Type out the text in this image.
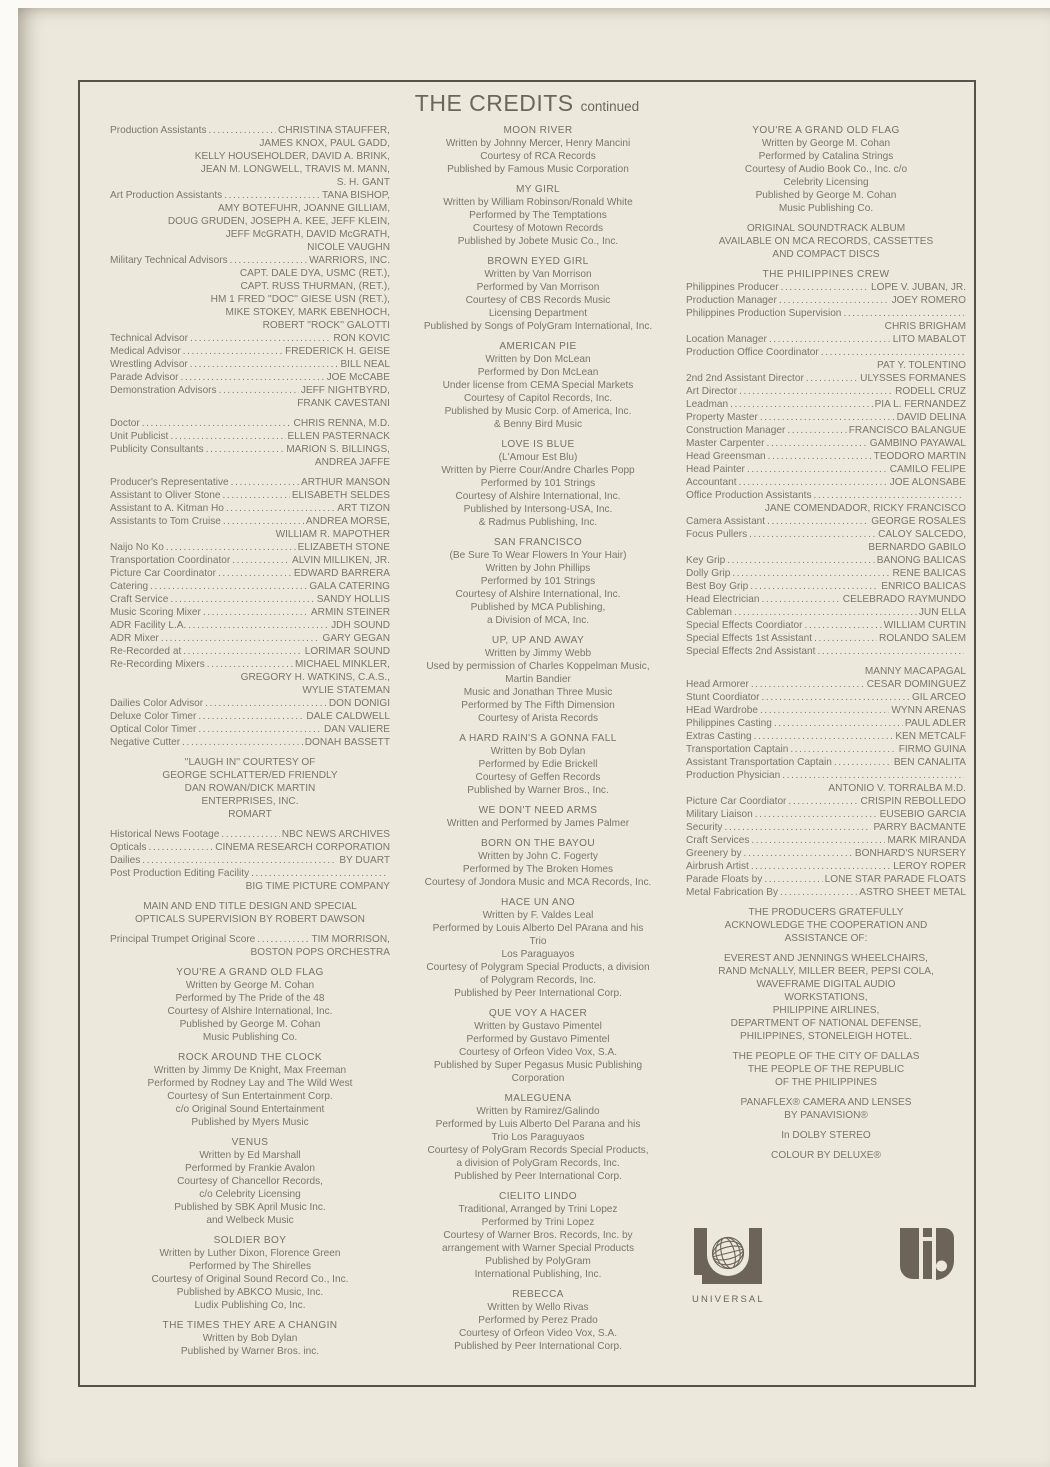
THE CREDITS continued
Production Assistants .....	CHRISTINA STAUFFER,
JAMES KNOX, PAUL GADD,
KELLY HOUSEHOLDER, DAVID A. BRINK,
JEAN M. LONGWELL, TRAVIS M. MANN,
S. H. GANT
Art Production Assistants .....	TANA BISHOP,
AMY BOTEFUHR, JOANNE GILLIAM,
DOUG GRUDEN, JOSEPH A. KEE, JEFF KLEIN,
JEFF McGRATH, DAVID McGRATH,
NICOLE VAUGHN
Military Technical Advisors .....	WARRIORS, INC.
CAPT. DALE DYA, USMC (RET.),
CAPT. RUSS THURMAN, (RET.),
HM 1 FRED ''DOC'' GIESE USN (RET.),
MIKE STOKEY, MARK EBENHOCH,
ROBERT ''ROCK'' GALOTTI
Technical Advisor .....	RON KOVIC
Medical Advisor .....	FREDERICK H. GEISE
Wrestling Advisor .....	BILL NEAL
Parade Advisor .....	JOE McCABE
Demonstration Advisors .....	JEFF NIGHTBYRD,
FRANK CAVESTANI
Doctor .....	CHRIS RENNA, M.D.
Unit Publicist .....	ELLEN PASTERNACK
Publicity Consultants .....	MARION S. BILLINGS,
ANDREA JAFFE
Producer's Representative .....	ARTHUR MANSON
Assistant to Oliver Stone .....	ELISABETH SELDES
Assistant to A. Kitman Ho .....	ART TIZON
Assistants to Tom Cruise .....	ANDREA MORSE,
WILLIAM R. MAPOTHER
Naijo No Ko .....	ELIZABETH STONE
Transportation Coordinator .....	ALVIN MILLIKEN, JR.
Picture Car Coordinator .....	EDWARD BARRERA
Catering .....	GALA CATERING
Craft Service .....	SANDY HOLLIS
Music Scoring Mixer .....	ARMIN STEINER
ADR Facility L.A. .....	JDH SOUND
ADR Mixer .....	GARY GEGAN
Re-Recorded at .....	LORIMAR SOUND
Re-Recording Mixers .....	MICHAEL MINKLER,
GREGORY H. WATKINS, C.A.S.,
WYLIE STATEMAN
Dailies Color Advisor .....	DON DONIGI
Deluxe Color Timer .....	DALE CALDWELL
Optical Color Timer .....	DAN VALIERE
Negative Cutter .....	DONAH BASSETT
''LAUGH IN'' COURTESY OF
GEORGE SCHLATTER/ED FRIENDLY
DAN ROWAN/DICK MARTIN
ENTERPRISES, INC.
ROMART
Historical News Footage .....	NBC NEWS ARCHIVES
Opticals .....	CINEMA RESEARCH CORPORATION
Dailies .....	BY DUART
Post Production Editing Facility
.....
BIG TIME PICTURE COMPANY
MAIN AND END TITLE DESIGN AND SPECIAL
OPTICALS SUPERVISION BY ROBERT DAWSON
Principal Trumpet Original Score .....	TIM MORRISON,
BOSTON POPS ORCHESTRA
YOU'RE A GRAND OLD FLAG
Written by George M. Cohan
Performed by The Pride of the 48
Courtesy of Alshire International, Inc.
Published by George M. Cohan
Music Publishing Co.
ROCK AROUND THE CLOCK
Written by Jimmy De Knight, Max Freeman
Performed by Rodney Lay and The Wild West
Courtesy of Sun Entertainment Corp.
c/o Original Sound Entertainment
Published by Myers Music
VENUS
Written by Ed Marshall
Performed by Frankie Avalon
Courtesy of Chancellor Records,
c/o Celebrity Licensing
Published by SBK April Music Inc.
and Welbeck Music
SOLDIER BOY
Written by Luther Dixon, Florence Green
Performed by The Shirelles
Courtesy of Original Sound Record Co., Inc.
Published by ABKCO Music, Inc.
Ludix Publishing Co, Inc.
THE TIMES THEY ARE A CHANGIN
Written by Bob Dylan
Published by Warner Bros. inc.
MOON RIVER
Written by Johnny Mercer, Henry Mancini
Courtesy of RCA Records
Published by Famous Music Corporation
MY GIRL
Written by William Robinson/Ronald White
Performed by The Temptations
Courtesy of Motown Records
Published by Jobete Music Co., Inc.
BROWN EYED GIRL
Written by Van Morrison
Performed by Van Morrison
Courtesy of CBS Records Music
Licensing Department
Published by Songs of PolyGram International, Inc.
AMERICAN PIE
Written by Don McLean
Performed by Don McLean
Under license from CEMA Special Markets
Courtesy of Capitol Records, Inc.
Published by Music Corp. of America, Inc.
& Benny Bird Music
LOVE IS BLUE
(L'Amour Est Blu)
Written by Pierre Cour/Andre Charles Popp
Performed by 101 Strings
Courtesy of Alshire International, Inc.
Published by Intersong-USA, Inc.
& Radmus Publishing, Inc.
SAN FRANCISCO
(Be Sure To Wear Flowers In Your Hair)
Written by John Phillips
Performed by 101 Strings
Courtesy of Alshire International, Inc.
Published by MCA Publishing,
a Division of MCA, Inc.
UP, UP AND AWAY
Written by Jimmy Webb
Used by permission of Charles Koppelman Music,
Martin Bandier
Music and Jonathan Three Music
Performed by The Fifth Dimension
Courtesy of Arista Records
A HARD RAIN'S A GONNA FALL
Written by Bob Dylan
Performed by Edie Brickell
Courtesy of Geffen Records
Published by Warner Bros., Inc.
WE DON'T NEED ARMS
Written and Performed by James Palmer
BORN ON THE BAYOU
Written by John C. Fogerty
Performed by The Broken Homes
Courtesy of Jondora Music and MCA Records, Inc.
HACE UN ANO
Written by F. Valdes Leal
Performed by Louis Alberto Del PArana and his
Trio
Los Paraguayos
Courtesy of Polygram Special Products, a division
of Polygram Records, Inc.
Published by Peer International Corp.
QUE VOY A HACER
Written by Gustavo Pimentel
Performed by Gustavo Pimentel
Courtesy of Orfeon Video Vox, S.A.
Published by Super Pegasus Music Publishing
Corporation
MALEGUENA
Written by Ramirez/Galindo
Performed by Luis Alberto Del Parana and his
Trio Los Paraguyaos
Courtesy of PolyGram Records Special Products,
a division of PolyGram Records, Inc.
Published by Peer International Corp.
CIELITO LINDO
Traditional, Arranged by Trini Lopez
Performed by Trini Lopez
Courtesy of Warner Bros. Records, Inc. by
arrangement with Warner Special Products
Published by PolyGram
International Publishing, Inc.
REBECCA
Written by Wello Rivas
Performed by Perez Prado
Courtesy of Orfeon Video Vox, S.A.
Published by Peer International Corp.
YOU'RE A GRAND OLD FLAG
Written by George M. Cohan
Performed by Catalina Strings
Courtesy of Audio Book Co., Inc. c/o
Celebrity Licensing
Published by George M. Cohan
Music Publishing Co.
ORIGINAL SOUNDTRACK ALBUM
AVAILABLE ON MCA RECORDS, CASSETTES
AND COMPACT DISCS
THE PHILIPPINES CREW
Philippines Producer .....	LOPE V. JUBAN, JR.
Production Manager .....	JOEY ROMERO
Philippines Production Supervision
.....
CHRIS BRIGHAM
Location Manager .....	LITO MABALOT
Production Office Coordinator
.....
PAT Y. TOLENTINO
2nd 2nd Assistant Director .....	ULYSSES FORMANES
Art Director .....	RODELL CRUZ
Leadman .....	PIA L. FERNANDEZ
Property Master .....	DAVID DELINA
Construction Manager .....	FRANCISCO BALANGUE
Master Carpenter .....	GAMBINO PAYAWAL
Head Greensman .....	TEODORO MARTIN
Head Painter .....	CAMILO FELIPE
Accountant .....	JOE ALONSABE
Office Production Assistants
.....
JANE COMENDADOR, RICKY FRANCISCO
Camera Assistant .....	GEORGE ROSALES
Focus Pullers .....	CALOY SALCEDO,
BERNARDO GABILO
Key Grip .....	BANONG BALICAS
Dolly Grip .....	RENE BALICAS
Best Boy Grip .....	ENRICO BALICAS
Head Electrician .....	CELEBRADO RAYMUNDO
Cableman .....	JUN ELLA
Special Effects Coordiator .....	WILLIAM CURTIN
Special Effects 1st Assistant .....	ROLANDO SALEM
Special Effects 2nd Assistant
.....
MANNY MACAPAGAL
Head Armorer .....	CESAR DOMINGUEZ
Stunt Coordiator .....	GIL ARCEO
HEad Wardrobe .....	WYNN ARENAS
Philippines Casting .....	PAUL ADLER
Extras Casting .....	KEN METCALF
Transportation Captain .....	FIRMO GUINA
Assistant Transportation Captain .....	BEN CANALITA
Production Physician
.....
ANTONIO V. TORRALBA M.D.
Picture Car Coordiator .....	CRISPIN REBOLLEDO
Military Liaison .....	EUSEBIO GARCIA
Security .....	PARRY BACMANTE
Craft Services .....	MARK MIRANDA
Greenery by .....	BONHARD'S NURSERY
Airbrush Artist .....	LEROY ROPER
Parade Floats by .....	LONE STAR PARADE FLOATS
Metal Fabrication By .....	ASTRO SHEET METAL
THE PRODUCERS GRATEFULLY
ACKNOWLEDGE THE COOPERATION AND
ASSISTANCE OF:
EVEREST AND JENNINGS WHEELCHAIRS,
RAND McNALLY, MILLER BEER, PEPSI COLA,
WAVEFRAME DIGITAL AUDIO
WORKSTATIONS,
PHILIPPINE AIRLINES,
DEPARTMENT OF NATIONAL DEFENSE,
PHILIPPINES, STONELEIGH HOTEL.
THE PEOPLE OF THE CITY OF DALLAS
THE PEOPLE OF THE REPUBLIC
OF THE PHILIPPINES
PANAFLEX® CAMERA AND LENSES
BY PANAVISION®
In DOLBY STEREO
COLOUR BY DELUXE®
UNIVERSAL
